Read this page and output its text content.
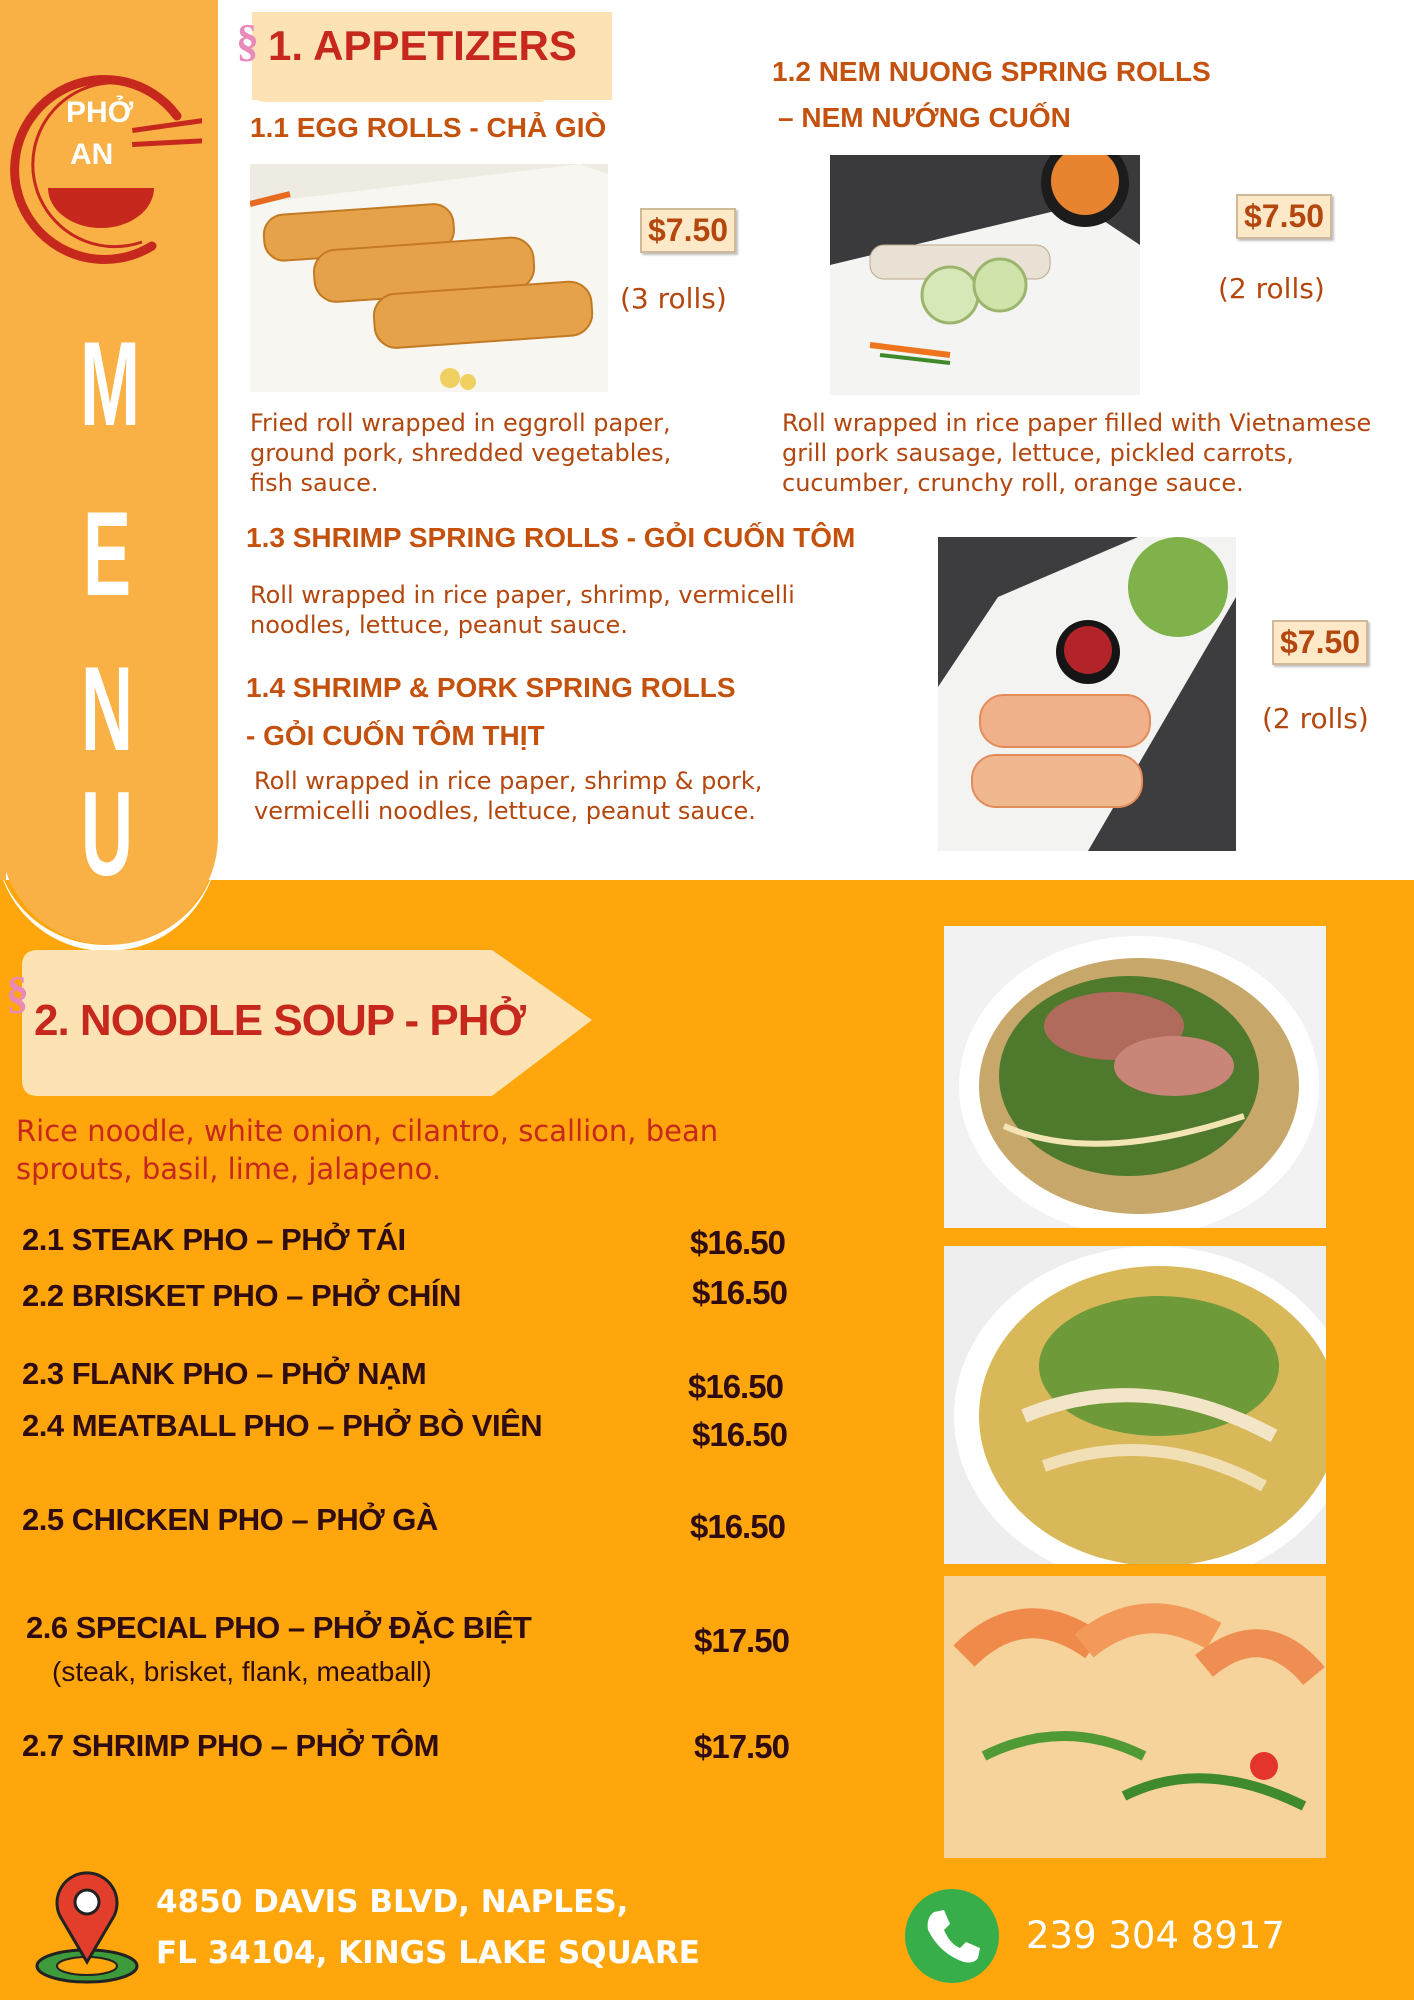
PHỞ
AN
M
E
N
U
§ 1. APPETIZERS
1.1 EGG ROLLS - CHẢ GIÒ
$7.50
(3 rolls)
Fried roll wrapped in eggroll paper,
ground pork, shredded vegetables,
fish sauce.
1.2 NEM NUONG SPRING ROLLS
– NEM NƯỚNG CUỐN
$7.50
(2 rolls)
Roll wrapped in rice paper filled with Vietnamese
grill pork sausage, lettuce, pickled carrots,
cucumber, crunchy roll, orange sauce.
1.3 SHRIMP SPRING ROLLS - GỎI CUỐN TÔM
Roll wrapped in rice paper, shrimp, vermicelli
noodles, lettuce, peanut sauce.
1.4 SHRIMP & PORK SPRING ROLLS
- GỎI CUỐN TÔM THỊT
Roll wrapped in rice paper, shrimp & pork,
vermicelli noodles, lettuce, peanut sauce.
$7.50
(2 rolls)
§
2. NOODLE SOUP - PHỞ
Rice noodle, white onion, cilantro, scallion, bean
sprouts, basil, lime, jalapeno.
2.1 STEAK PHO – PHỞ TÁI	$16.50
2.2 BRISKET PHO – PHỞ CHÍN	$16.50
2.3 FLANK PHO – PHỞ NẠM	$16.50
2.4 MEATBALL PHO – PHỞ BÒ VIÊN	$16.50
2.5 CHICKEN PHO – PHỞ GÀ	$16.50
2.6 SPECIAL PHO – PHỞ ĐẶC BIỆT
(steak, brisket, flank, meatball)
$17.50
2.7 SHRIMP PHO – PHỞ TÔM	$17.50
4850 DAVIS BLVD, NAPLES,
FL 34104, KINGS LAKE SQUARE	239 304 8917
